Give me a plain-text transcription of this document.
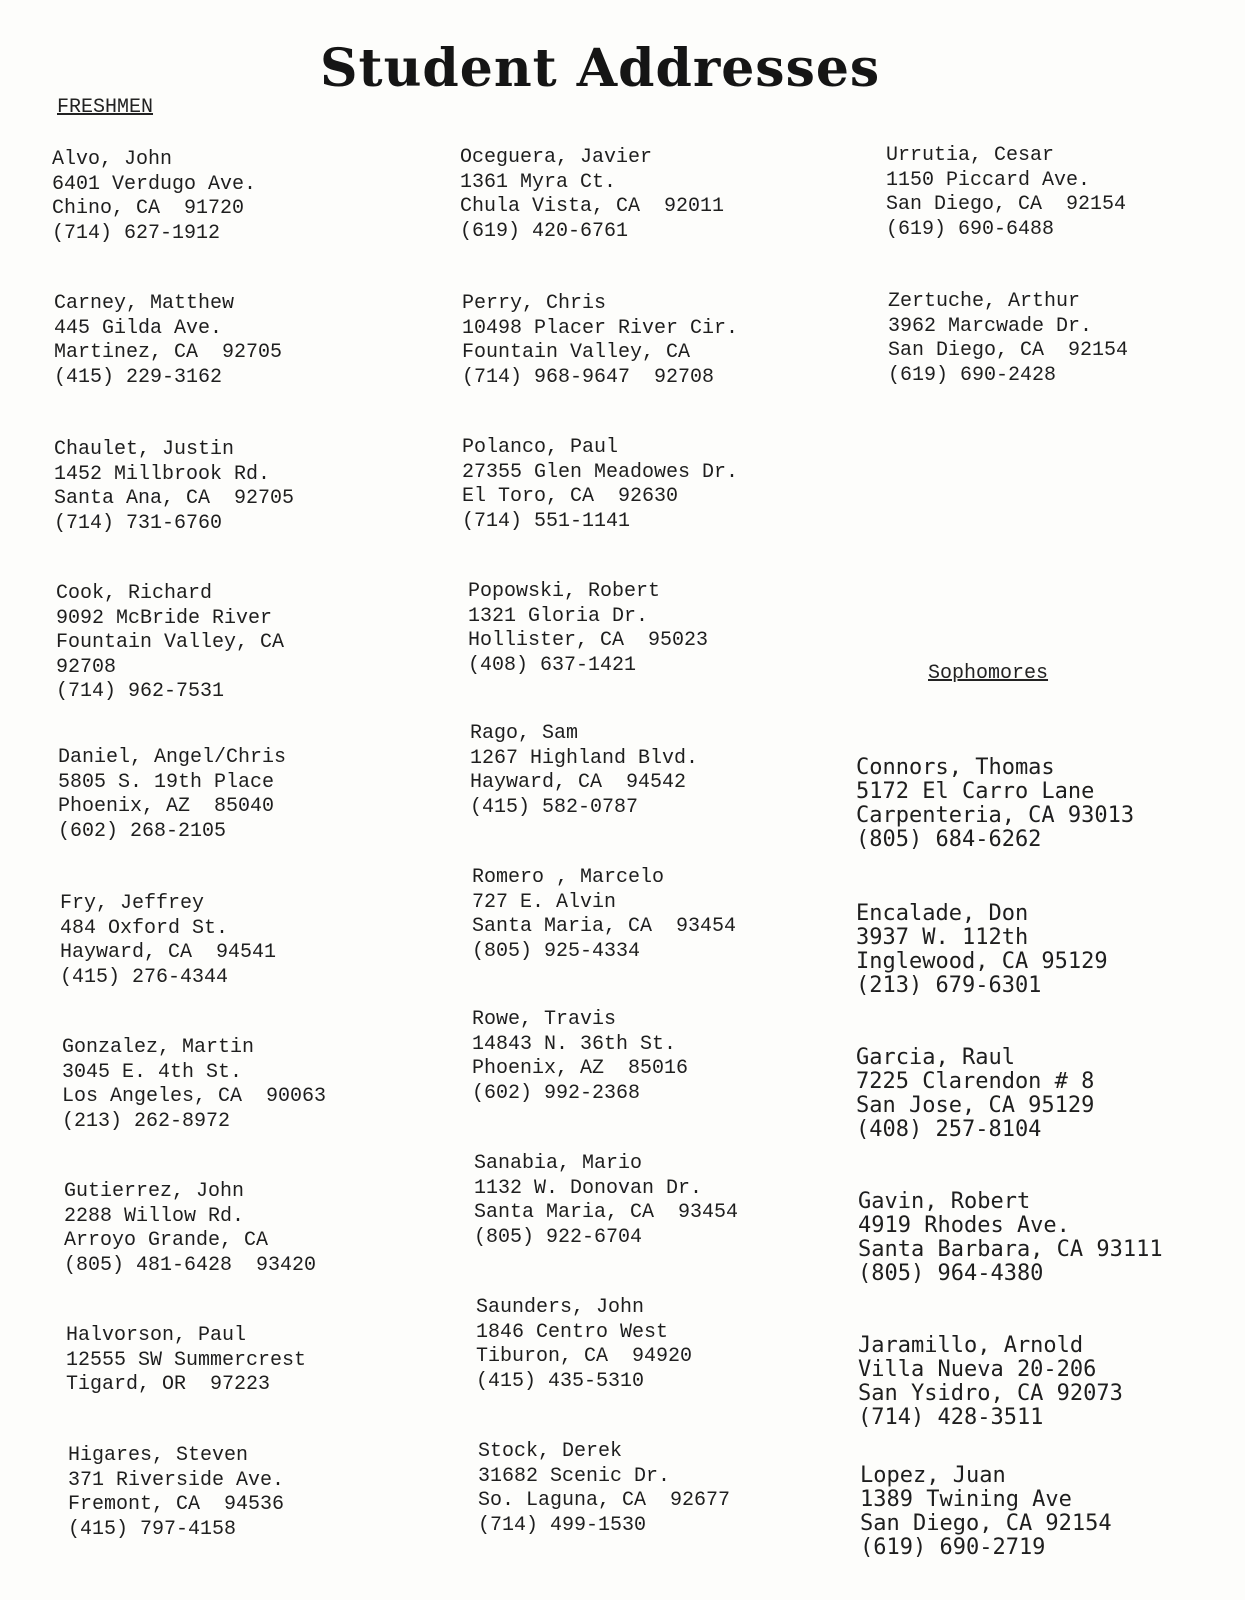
Student Addresses
FRESHMEN
Sophomores
Alvo, John
6401 Verdugo Ave.
Chino, CA  91720
(714) 627-1912
Carney, Matthew
445 Gilda Ave.
Martinez, CA  92705
(415) 229-3162
Chaulet, Justin
1452 Millbrook Rd.
Santa Ana, CA  92705
(714) 731-6760
Cook, Richard
9092 McBride River
Fountain Valley, CA
92708
(714) 962-7531
Daniel, Angel/Chris
5805 S. 19th Place
Phoenix, AZ  85040
(602) 268-2105
Fry, Jeffrey
484 Oxford St.
Hayward, CA  94541
(415) 276-4344
Gonzalez, Martin
3045 E. 4th St.
Los Angeles, CA  90063
(213) 262-8972
Gutierrez, John
2288 Willow Rd.
Arroyo Grande, CA
(805) 481-6428  93420
Halvorson, Paul
12555 SW Summercrest
Tigard, OR  97223
Higares, Steven
371 Riverside Ave.
Fremont, CA  94536
(415) 797-4158
Oceguera, Javier
1361 Myra Ct.
Chula Vista, CA  92011
(619) 420-6761
Perry, Chris
10498 Placer River Cir.
Fountain Valley, CA
(714) 968-9647  92708
Polanco, Paul
27355 Glen Meadowes Dr.
El Toro, CA  92630
(714) 551-1141
Popowski, Robert
1321 Gloria Dr.
Hollister, CA  95023
(408) 637-1421
Rago, Sam
1267 Highland Blvd.
Hayward, CA  94542
(415) 582-0787
Romero , Marcelo
727 E. Alvin
Santa Maria, CA  93454
(805) 925-4334
Rowe, Travis
14843 N. 36th St.
Phoenix, AZ  85016
(602) 992-2368
Sanabia, Mario
1132 W. Donovan Dr.
Santa Maria, CA  93454
(805) 922-6704
Saunders, John
1846 Centro West
Tiburon, CA  94920
(415) 435-5310
Stock, Derek
31682 Scenic Dr.
So. Laguna, CA  92677
(714) 499-1530
Urrutia, Cesar
1150 Piccard Ave.
San Diego, CA  92154
(619) 690-6488
Zertuche, Arthur
3962 Marcwade Dr.
San Diego, CA  92154
(619) 690-2428
Connors, Thomas
5172 El Carro Lane
Carpenteria, CA 93013
(805) 684-6262
Encalade, Don
3937 W. 112th
Inglewood, CA 95129
(213) 679-6301
Garcia, Raul
7225 Clarendon # 8
San Jose, CA 95129
(408) 257-8104
Gavin, Robert
4919 Rhodes Ave.
Santa Barbara, CA 93111
(805) 964-4380
Jaramillo, Arnold
Villa Nueva 20-206
San Ysidro, CA 92073
(714) 428-3511
Lopez, Juan
1389 Twining Ave
San Diego, CA 92154
(619) 690-2719
